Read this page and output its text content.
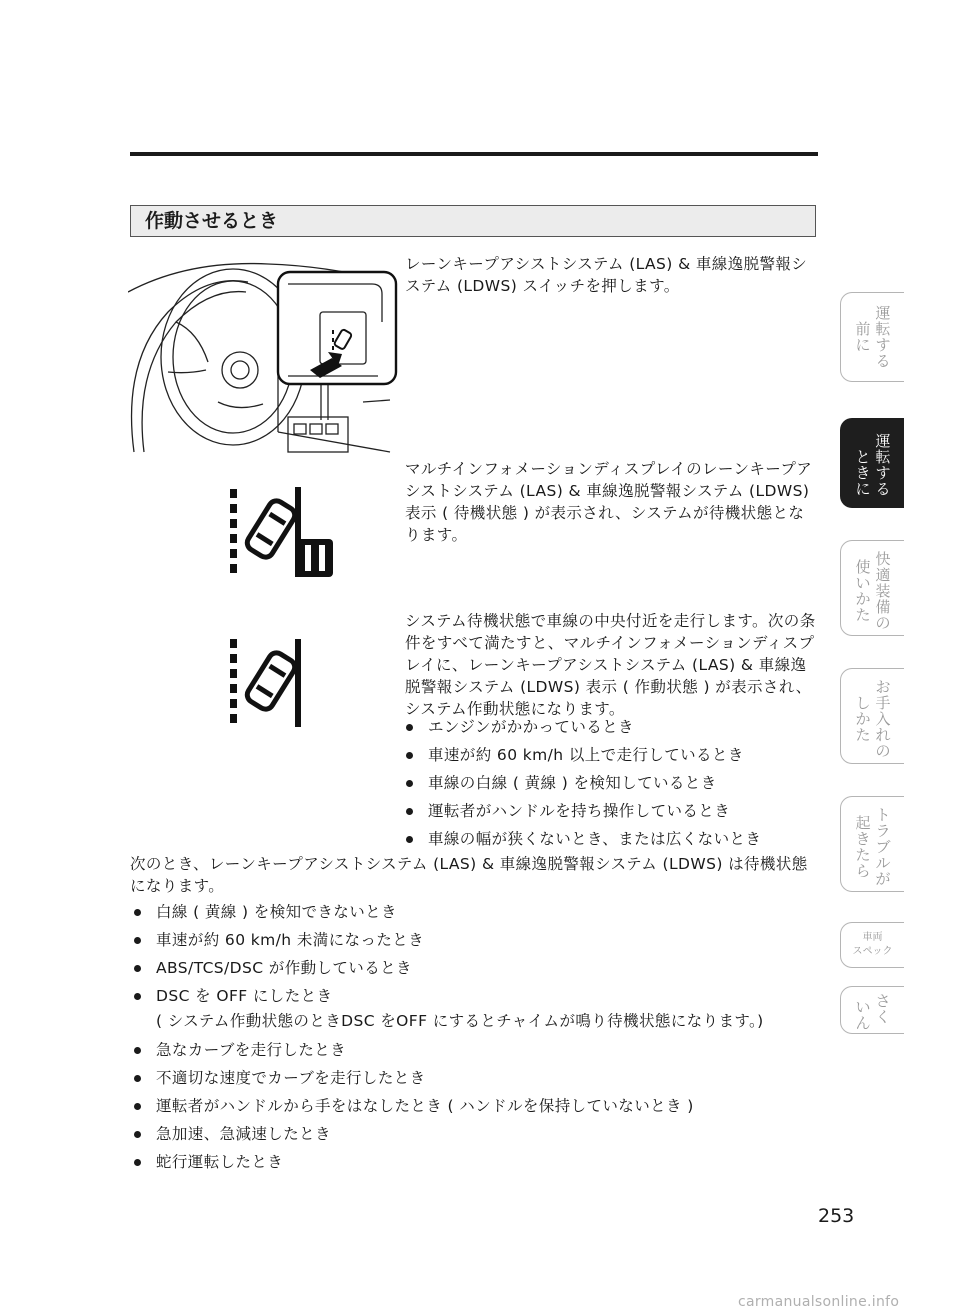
作動させるとき
レーンキープアシストシステム (LAS) & 車線逸脱警報システム (LDWS) スイッチを押します。
マルチインフォメーションディスプレイのレーンキープアシストシステム (LAS) & 車線逸脱警報システム (LDWS) 表示 ( 待機状態 ) が表示され、システムが待機状態となります。
システム待機状態で車線の中央付近を走行します。次の条件をすべて満たすと、マルチインフォメーションディスプレイに、レーンキープアシストシステム (LAS) & 車線逸脱警報システム (LDWS) 表示 ( 作動状態 ) が表示され、システム作動状態になります。
エンジンがかかっているとき
車速が約 60 km/h 以上で走行しているとき
車線の白線 ( 黄線 ) を検知しているとき
運転者がハンドルを持ち操作しているとき
車線の幅が狭くないとき、または広くないとき
次のとき、レーンキープアシストシステム (LAS) & 車線逸脱警報システム (LDWS) は待機状態になります。
白線 ( 黄線 ) を検知できないとき
車速が約 60 km/h 未満になったとき
ABS/TCS/DSC が作動しているとき
DSC を OFF にしたとき
( システム作動状態のときDSC をOFF にするとチャイムが鳴り待機状態になります。)
急なカーブを走行したとき
不適切な速度でカーブを走行したとき
運転者がハンドルから手をはなしたとき ( ハンドルを保持していないとき )
急加速、急減速したとき
蛇行運転したとき
運転する
前に
運転する
ときに
快適装備の
使いかた
お手入れの
しかた
トラブルが
起きたら
車両
スペック
さく
いん
253
carmanualsonline.info
